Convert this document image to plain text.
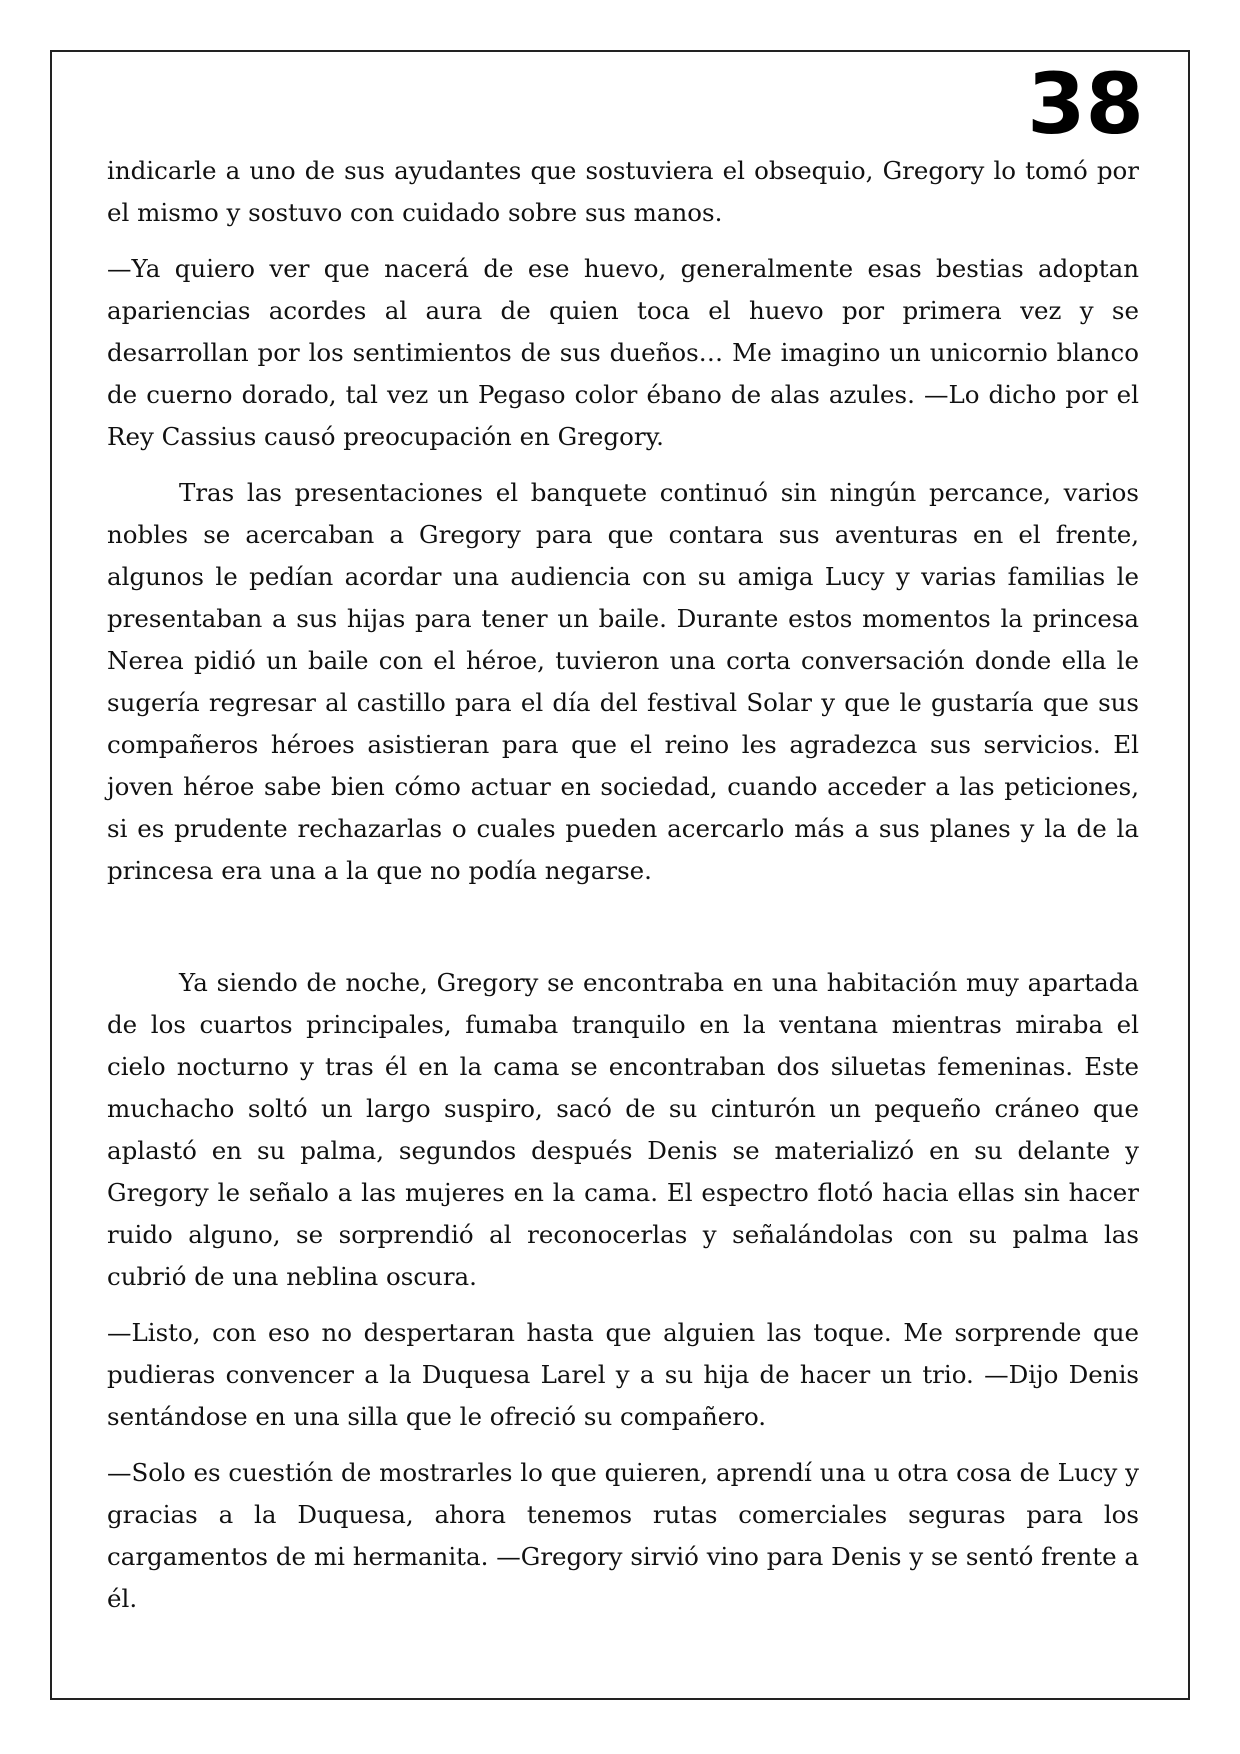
38

indicarle a uno de sus ayudantes que sostuviera el obsequio, Gregory lo tomó por el mismo y sostuvo con cuidado sobre sus manos.

—Ya quiero ver que nacerá de ese huevo, generalmente esas bestias adoptan apariencias acordes al aura de quien toca el huevo por primera vez y se desarrollan por los sentimientos de sus dueños… Me imagino un unicornio blanco de cuerno dorado, tal vez un Pegaso color ébano de alas azules. —Lo dicho por el Rey Cassius causó preocupación en Gregory.

Tras las presentaciones el banquete continuó sin ningún percance, varios nobles se acercaban a Gregory para que contara sus aventuras en el frente, algunos le pedían acordar una audiencia con su amiga Lucy y varias familias le presentaban a sus hijas para tener un baile. Durante estos momentos la princesa Nerea pidió un baile con el héroe, tuvieron una corta conversación donde ella le sugería regresar al castillo para el día del festival Solar y que le gustaría que sus compañeros héroes asistieran para que el reino les agradezca sus servicios. El joven héroe sabe bien cómo actuar en sociedad, cuando acceder a las peticiones, si es prudente rechazarlas o cuales pueden acercarlo más a sus planes y la de la princesa era una a la que no podía negarse.

Ya siendo de noche, Gregory se encontraba en una habitación muy apartada de los cuartos principales, fumaba tranquilo en la ventana mientras miraba el cielo nocturno y tras él en la cama se encontraban dos siluetas femeninas. Este muchacho soltó un largo suspiro, sacó de su cinturón un pequeño cráneo que aplastó en su palma, segundos después Denis se materializó en su delante y Gregory le señalo a las mujeres en la cama. El espectro flotó hacia ellas sin hacer ruido alguno, se sorprendió al reconocerlas y señalándolas con su palma las cubrió de una neblina oscura.

—Listo, con eso no despertaran hasta que alguien las toque. Me sorprende que pudieras convencer a la Duquesa Larel y a su hija de hacer un trio. —Dijo Denis sentándose en una silla que le ofreció su compañero.

—Solo es cuestión de mostrarles lo que quieren, aprendí una u otra cosa de Lucy y gracias a la Duquesa, ahora tenemos rutas comerciales seguras para los cargamentos de mi hermanita. —Gregory sirvió vino para Denis y se sentó frente a él.
